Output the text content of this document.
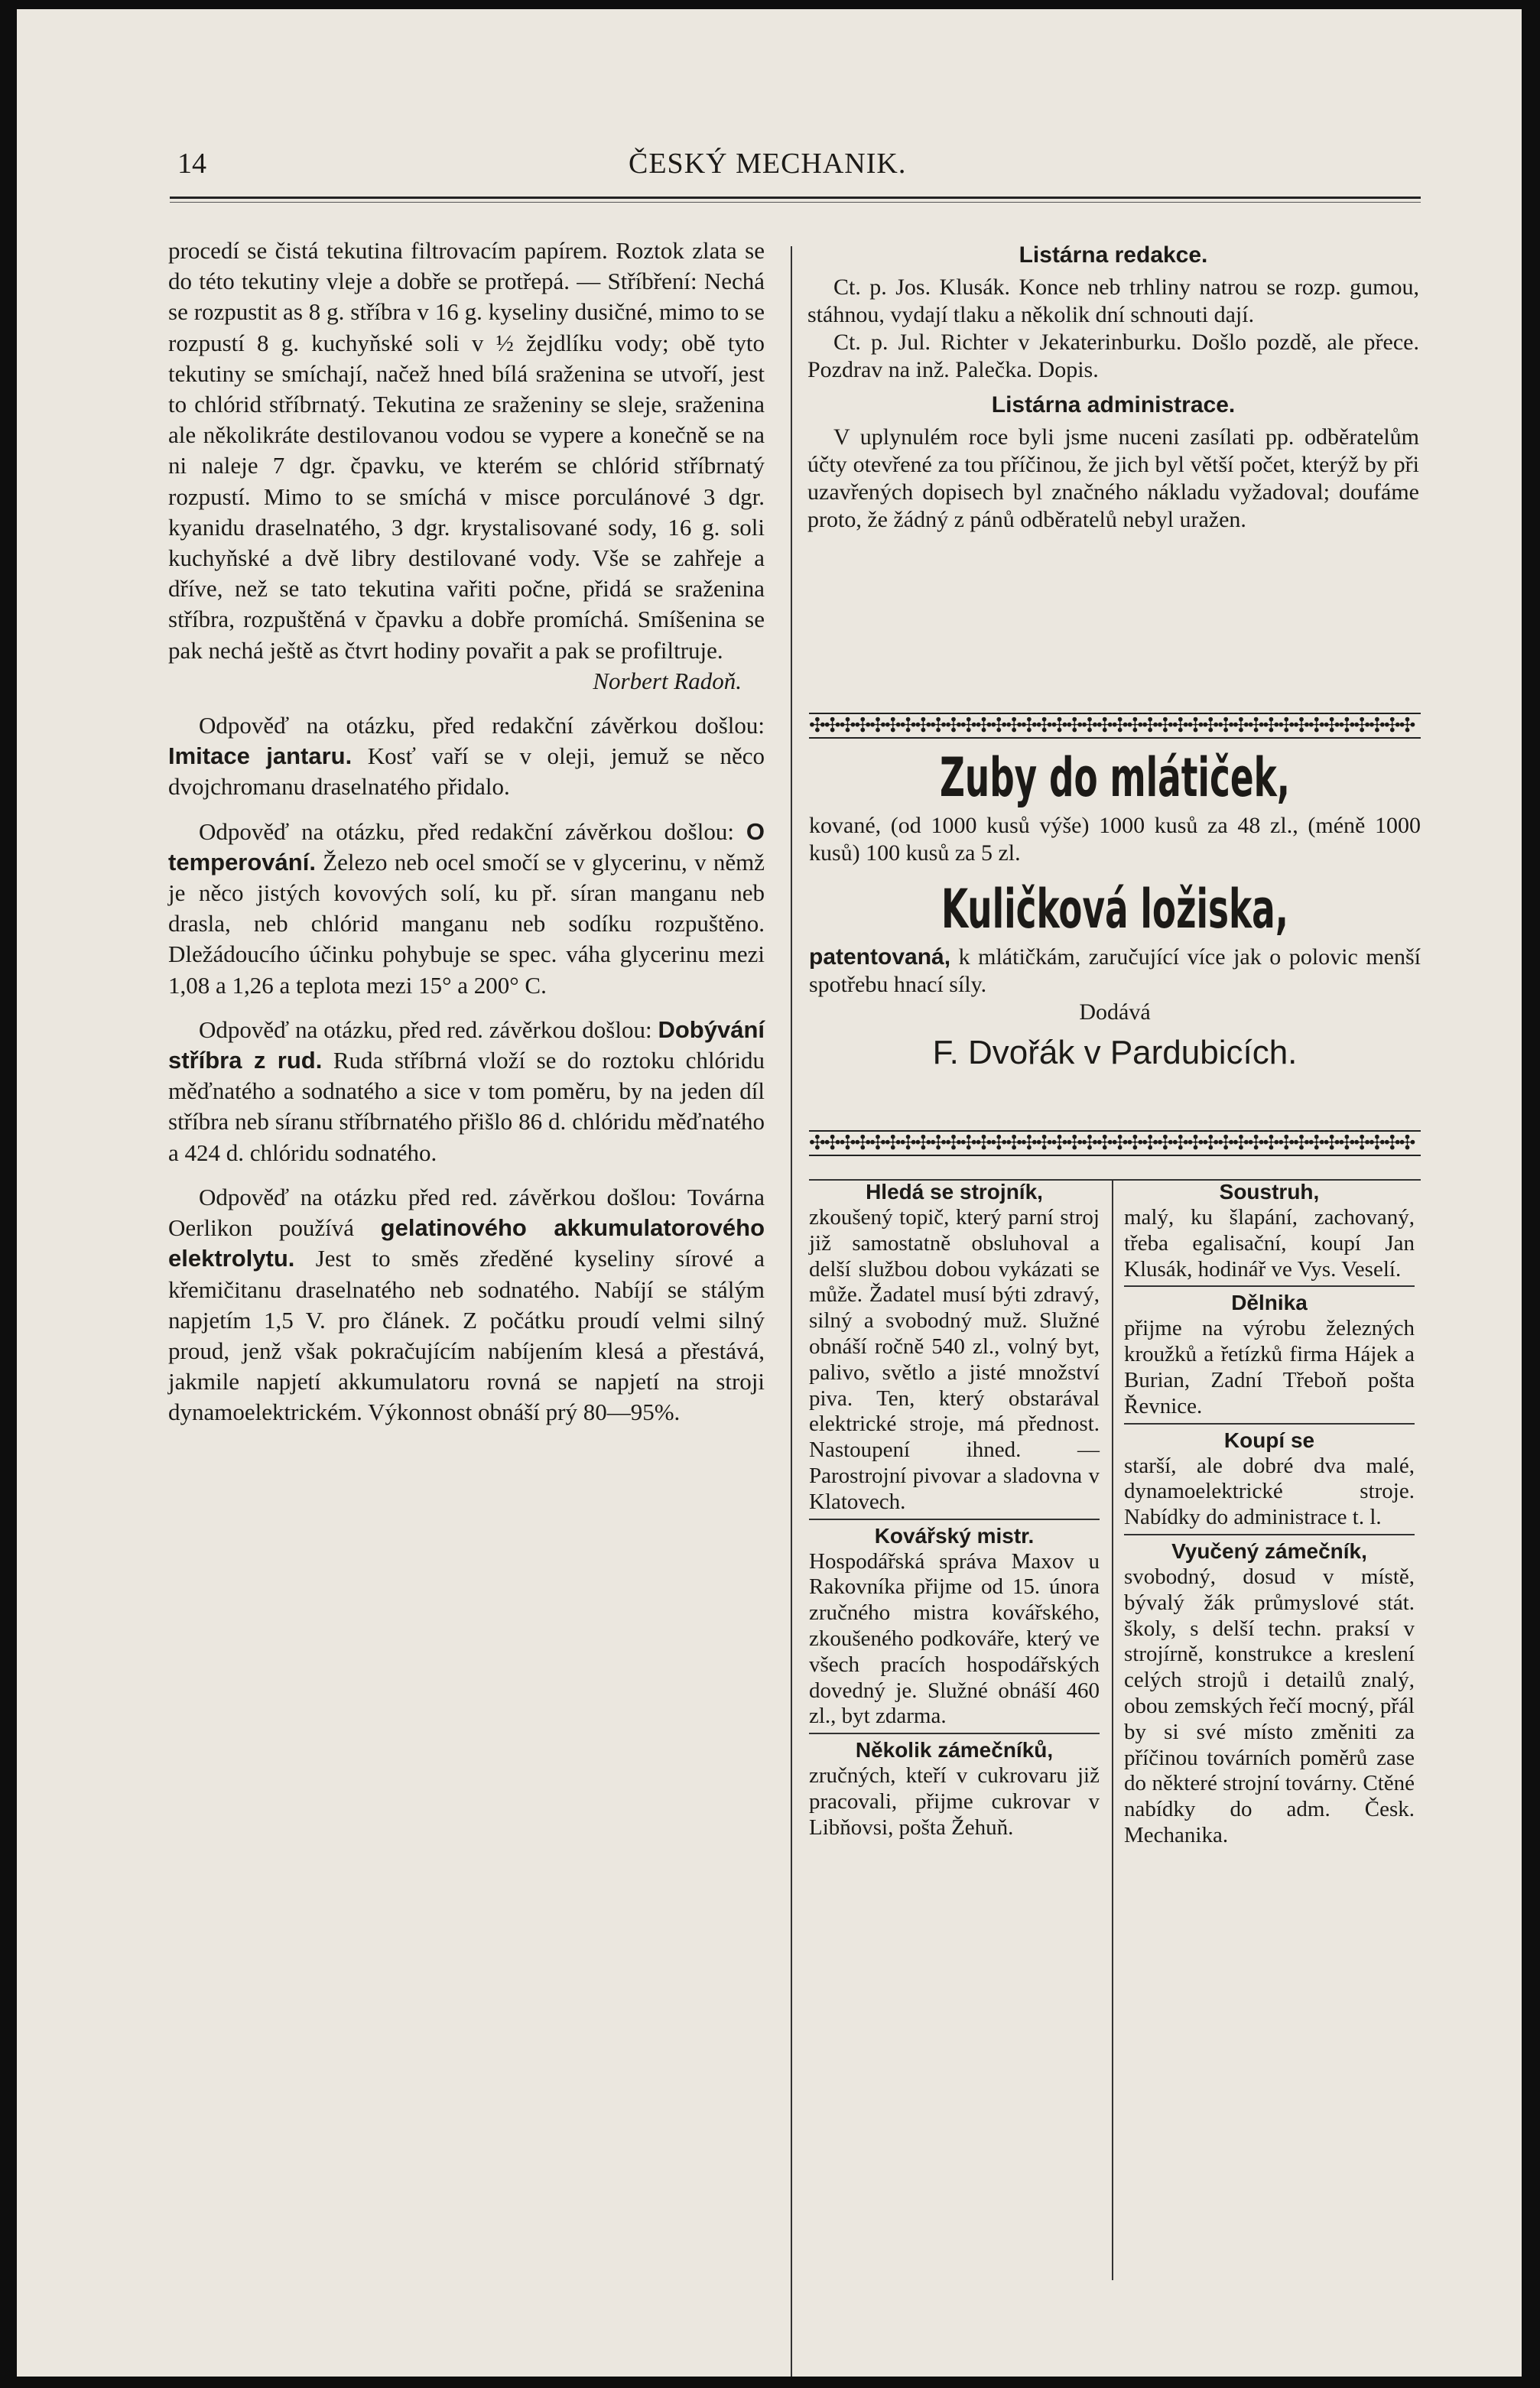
14	ČESKÝ MECHANIK.

procedí se čistá tekutina filtrovacím papírem. Roztok zlata se do této tekutiny vleje a dobře se protřepá. — Stříbření: Nechá se rozpustit as 8 g. stříbra v 16 g. kyseliny dusičné, mimo to se rozpustí 8 g. kuchyňské soli v ½ žejdlíku vody; obě tyto tekutiny se smíchají, načež hned bílá sraženina se utvoří, jest to chlórid stříbrnatý. Tekutina ze sraženiny se sleje, sraženina ale několikráte destilovanou vodou se vypere a konečně se na ni naleje 7 dgr. čpavku, ve kterém se chlórid stříbrnatý rozpustí. Mimo to se smíchá v misce porculánové 3 dgr. kyanidu draselnatého, 3 dgr. krystalisované sody, 16 g. soli kuchyňské a dvě libry destilované vody. Vše se zahřeje a dříve, než se tato tekutina vařiti počne, přidá se sraženina stříbra, rozpuštěná v čpavku a dobře promíchá. Smíšenina se pak nechá ještě as čtvrt hodiny povařit a pak se profiltruje.

Norbert Radoň.

Odpověď na otázku, před redakční závěrkou došlou: Imitace jantaru. Kosť vaří se v oleji, jemuž se něco dvojchromanu draselnatého přidalo.

Odpověď na otázku, před redakční závěrkou došlou: O temperování. Železo neb ocel smočí se v glycerinu, v němž je něco jistých kovových solí, ku př. síran manganu neb drasla, neb chlórid manganu neb sodíku rozpuštěno. Dležádoucího účinku pohybuje se spec. váha glycerinu mezi 1,08 a 1,26 a teplota mezi 15° a 200° C.

Odpověď na otázku, před red. závěrkou došlou: Dobývání stříbra z rud. Ruda stříbrná vloží se do roztoku chlóridu měďnatého a sodnatého a sice v tom poměru, by na jeden díl stříbra neb síranu stříbrnatého přišlo 86 d. chlóridu měďnatého a 424 d. chlóridu sodnatého.

Odpověď na otázku před red. závěrkou došlou: Továrna Oerlikon používá gelatinového akkumulatorového elektrolytu. Jest to směs zředěné kyseliny sírové a křemičitanu draselnatého neb sodnatého. Nabíjí se stálým napjetím 1,5 V. pro článek. Z počátku proudí velmi silný proud, jenž však pokračujícím nabíjením klesá a přestává, jakmile napjetí akkumulatoru rovná se napjetí na stroji dynamoelektrickém. Výkonnost obnáší prý 80—95%.

Listárna redakce.

Ct. p. Jos. Klusák. Konce neb trhliny natrou se rozp. gumou, stáhnou, vydají tlaku a několik dní schnouti dají.

Ct. p. Jul. Richter v Jekaterinburku. Došlo pozdě, ale přece. Pozdrav na inž. Palečka. Dopis.

Listárna administrace.

V uplynulém roce byli jsme nuceni zasílati pp. odběratelům účty otevřené za tou příčinou, že jich byl větší počet, kterýž by při uzavřených dopisech byl značného nákladu vyžadoval; doufáme proto, že žádný z pánů odběratelů nebyl uražen.

✣✣✣✣✣✣✣✣✣✣✣✣✣✣✣✣✣✣✣✣✣✣✣✣✣✣✣✣✣✣✣✣✣✣✣✣✣✣✣✣
Zuby do mlátiček,
kované, (od 1000 kusů výše) 1000 kusů za 48 zl., (méně 1000 kusů) 100 kusů za 5 zl.
Kuličková ložiska,
patentovaná, k mlátičkám, zaručující více jak o polovic menší spotřebu hnací síly.
Dodává
F. Dvořák v Pardubicích.
✣✣✣✣✣✣✣✣✣✣✣✣✣✣✣✣✣✣✣✣✣✣✣✣✣✣✣✣✣✣✣✣✣✣✣✣✣✣✣✣
Hledá se strojník,
zkoušený topič, který parní stroj již samostatně obsluhoval a delší službou dobou vykázati se může. Žadatel musí býti zdravý, silný a svobodný muž. Služné obnáší ročně 540 zl., volný byt, palivo, světlo a jisté množství piva. Ten, který obstarával elektrické stroje, má přednost. Nastoupení ihned. — Parostrojní pivovar a sladovna v Klatovech.
Kovářský mistr.
Hospodářská správa Maxov u Rakovníka přijme od 15. února zručného mistra kovářského, zkoušeného podkováře, který ve všech pracích hospodářských dovedný je. Služné obnáší 460 zl., byt zdarma.
Několik zámečníků,
zručných, kteří v cukrovaru již pracovali, přijme cukrovar v Libňovsi, pošta Žehuň.
Soustruh,
malý, ku šlapání, zachovaný, třeba egalisační, koupí Jan Klusák, hodinář ve Vys. Veselí.
Dělnika
přijme na výrobu železných kroužků a řetízků firma Hájek a Burian, Zadní Třeboň pošta Řevnice.
Koupí se
starší, ale dobré dva malé, dynamoelektrické stroje. Nabídky do administrace t. l.
Vyučený zámečník,
svobodný, dosud v místě, bývalý žák průmyslové stát. školy, s delší techn. praksí v strojírně, konstrukce a kreslení celých strojů i detailů znalý, obou zemských řečí mocný, přál by si své místo změniti za příčinou továrních poměrů zase do některé strojní továrny. Ctěné nabídky do adm. Česk. Mechanika.
